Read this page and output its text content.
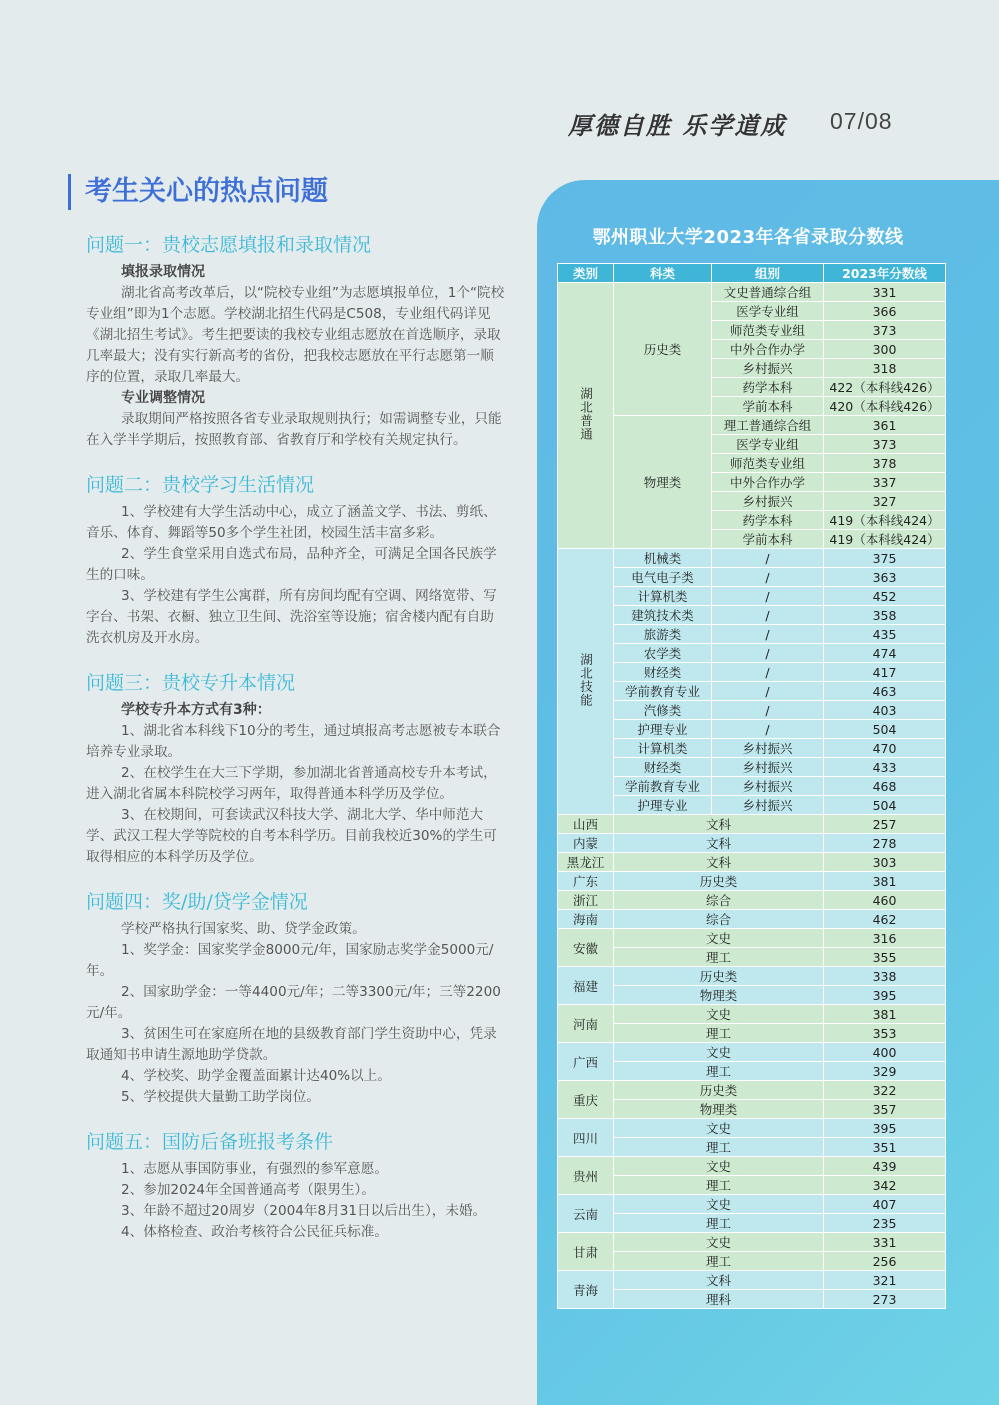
厚德自胜 乐学道成 07/08
考生关心的热点问题
问题一：贵校志愿填报和录取情况
填报录取情况

湖北省高考改革后，以“院校专业组”为志愿填报单位，1个“院校专业组”即为1个志愿。学校湖北招生代码是C508，专业组代码详见《湖北招生考试》。考生把要读的我校专业组志愿放在首选顺序，录取几率最大；没有实行新高考的省份，把我校志愿放在平行志愿第一顺序的位置，录取几率最大。

专业调整情况

录取期间严格按照各省专业录取规则执行；如需调整专业，只能在入学半学期后，按照教育部、省教育厅和学校有关规定执行。

问题二：贵校学习生活情况

1、学校建有大学生活动中心，成立了涵盖文学、书法、剪纸、音乐、体育、舞蹈等50多个学生社团，校园生活丰富多彩。

2、学生食堂采用自选式布局，品种齐全，可满足全国各民族学生的口味。

3、学校建有学生公寓群，所有房间均配有空调、网络宽带、写字台、书架、衣橱、独立卫生间、洗浴室等设施；宿舍楼内配有自助洗衣机房及开水房。

问题三：贵校专升本情况
学校专升本方式有3种：

1、湖北省本科线下10分的考生，通过填报高考志愿被专本联合培养专业录取。

2、在校学生在大三下学期，参加湖北省普通高校专升本考试，进入湖北省属本科院校学习两年，取得普通本科学历及学位。

3、在校期间，可套读武汉科技大学、湖北大学、华中师范大学、武汉工程大学等院校的自考本科学历。目前我校近30%的学生可取得相应的本科学历及学位。

问题四：奖/助/贷学金情况

学校严格执行国家奖、助、贷学金政策。

1、奖学金：国家奖学金8000元/年，国家励志奖学金5000元/年。

2、国家助学金：一等4400元/年；二等3300元/年；三等2200元/年。

3、贫困生可在家庭所在地的县级教育部门学生资助中心，凭录取通知书申请生源地助学贷款。

4、学校奖、助学金覆盖面累计达40%以上。

5、学校提供大量勤工助学岗位。

问题五：国防后备班报考条件

1、志愿从事国防事业，有强烈的参军意愿。

2、参加2024年全国普通高考（限男生）。

3、年龄不超过20周岁（2004年8月31日以后出生），未婚。

4、体格检查、政治考核符合公民征兵标准。

鄂州职业大学2023年各省录取分数线
类别	科类	组别	2023年分数线
湖北普通	历史类	文史普通综合组	331
		医学专业组	366
		师范类专业组	373
		中外合作办学	300
		乡村振兴	318
		药学本科	422（本科线426）
		学前本科	420（本科线426）
	物理类	理工普通综合组	361
		医学专业组	373
		师范类专业组	378
		中外合作办学	337
		乡村振兴	327
		药学本科	419（本科线424）
		学前本科	419（本科线424）
湖北技能	机械类	/	375
	电气电子类	/	363
	计算机类	/	452
	建筑技术类	/	358
	旅游类	/	435
	农学类	/	474
	财经类	/	417
	学前教育专业	/	463
	汽修类	/	403
	护理专业	/	504
	计算机类	乡村振兴	470
	财经类	乡村振兴	433
	学前教育专业	乡村振兴	468
	护理专业	乡村振兴	504
山西	文科		257
内蒙	文科		278
黑龙江	文科		303
广东	历史类		381
浙江	综合		460
海南	综合		462
安徽	文史		316
	理工		355
福建	历史类		338
	物理类		395
河南	文史		381
	理工		353
广西	文史		400
	理工		329
重庆	历史类		322
	物理类		357
四川	文史		395
	理工		351
贵州	文史		439
	理工		342
云南	文史		407
	理工		235
甘肃	文史		331
	理工		256
青海	文科		321
	理科		273
